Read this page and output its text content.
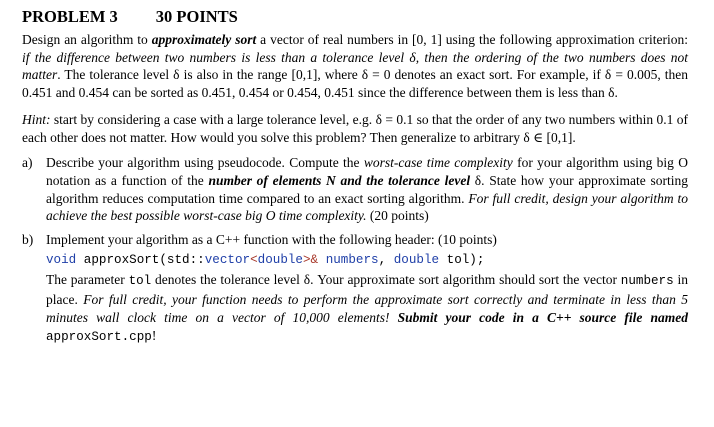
PROBLEM 3 30 POINTS

Design an algorithm to approximately sort a vector of real numbers in [0, 1] using the following approximation criterion: if the difference between two numbers is less than a tolerance level δ, then the ordering of the two numbers does not matter. The tolerance level δ is also in the range [0,1], where δ = 0 denotes an exact sort. For example, if δ = 0.005, then 0.451 and 0.454 can be sorted as 0.451, 0.454 or 0.454, 0.451 since the difference between them is less than δ.

Hint: start by considering a case with a large tolerance level, e.g. δ = 0.1 so that the order of any two numbers within 0.1 of each other does not matter. How would you solve this problem? Then generalize to arbitrary δ ∈ [0,1].

a) Describe your algorithm using pseudocode. Compute the worst-case time complexity for your algorithm using big O notation as a function of the number of elements N and the tolerance level δ. State how your approximate sorting algorithm reduces computation time compared to an exact sorting algorithm. For full credit, design your algorithm to achieve the best possible worst-case big O time complexity. (20 points)

b) Implement your algorithm as a C++ function with the following header: (10 points)

void approxSort(std::vector<double>& numbers, double tol);

The parameter tol denotes the tolerance level δ. Your approximate sort algorithm should sort the vector numbers in place. For full credit, your function needs to perform the approximate sort correctly and terminate in less than 5 minutes wall clock time on a vector of 10,000 elements! Submit your code in a C++ source file named approxSort.cpp!
